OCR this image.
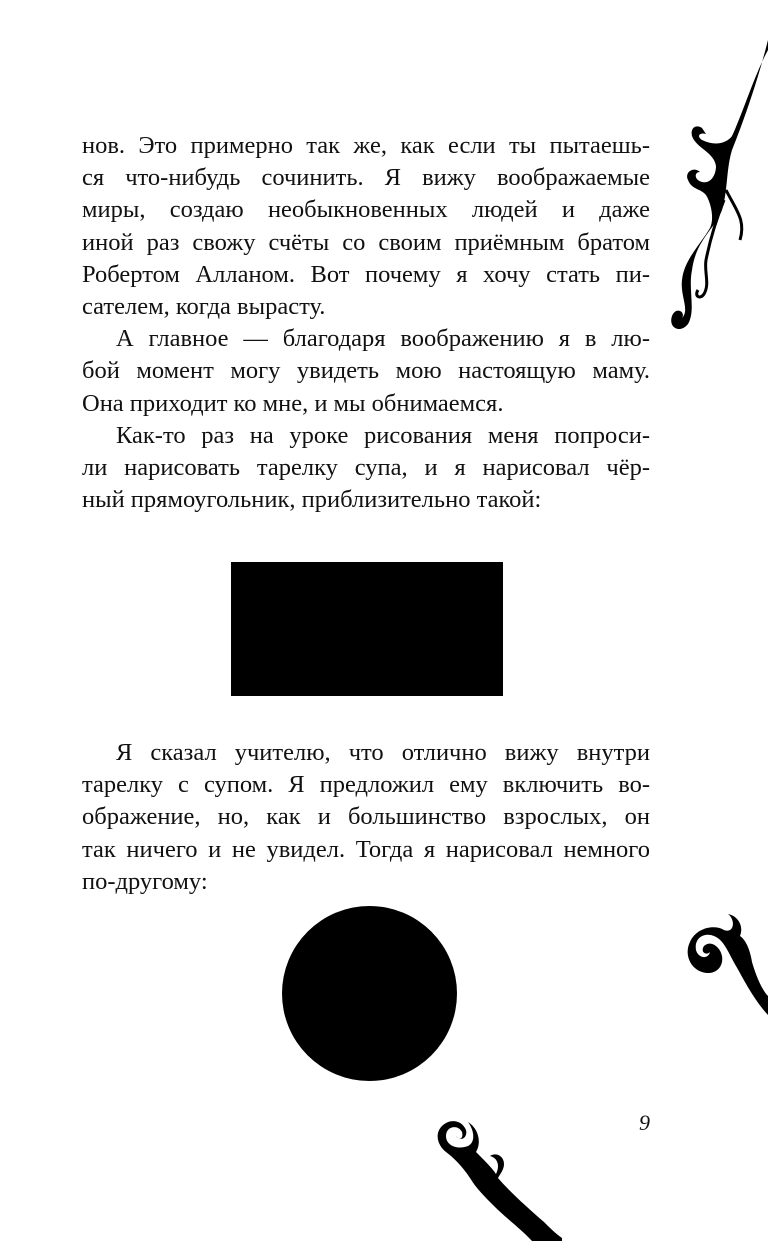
нов. Это примерно так же, как если ты пытаешь-
ся что-нибудь сочинить. Я вижу воображаемые
миры, создаю необыкновенных людей и даже
иной раз свожу счёты со своим приёмным братом
Робертом Алланом. Вот почему я хочу стать пи-
сателем, когда вырасту.

А главное — благодаря воображению я в лю-
бой момент могу увидеть мою настоящую маму.
Она приходит ко мне, и мы обнимаемся.

Как-то раз на уроке рисования меня попроси-
ли нарисовать тарелку супа, и я нарисовал чёр-
ный прямоугольник, приблизительно такой:

Я сказал учителю, что отлично вижу внутри
тарелку с супом. Я предложил ему включить во-
ображение, но, как и большинство взрослых, он
так ничего и не увидел. Тогда я нарисовал немного
по-другому:

9
